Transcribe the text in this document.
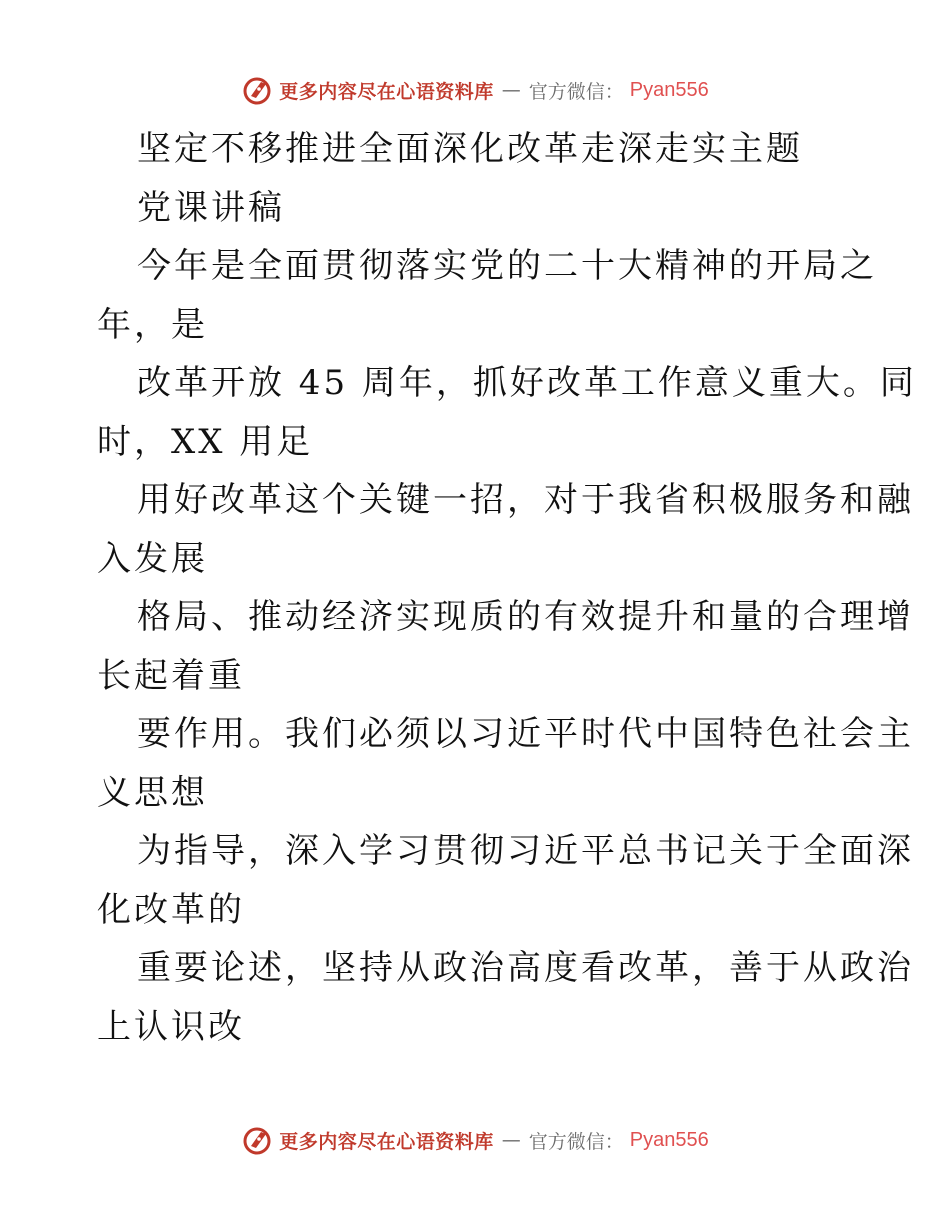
更多内容尽在心语资料库 — 官方微信： Pyan556
坚定不移推进全面深化改革走深走实主题
党课讲稿
今年是全面贯彻落实党的二十大精神的开局之
年，是
改革开放 45 周年，抓好改革工作意义重大。同
时，XX 用足
用好改革这个关键一招，对于我省积极服务和融
入发展
格局、推动经济实现质的有效提升和量的合理增
长起着重
要作用。我们必须以习近平时代中国特色社会主
义思想
为指导，深入学习贯彻习近平总书记关于全面深
化改革的
重要论述，坚持从政治高度看改革，善于从政治
上认识改
更多内容尽在心语资料库 — 官方微信： Pyan556
